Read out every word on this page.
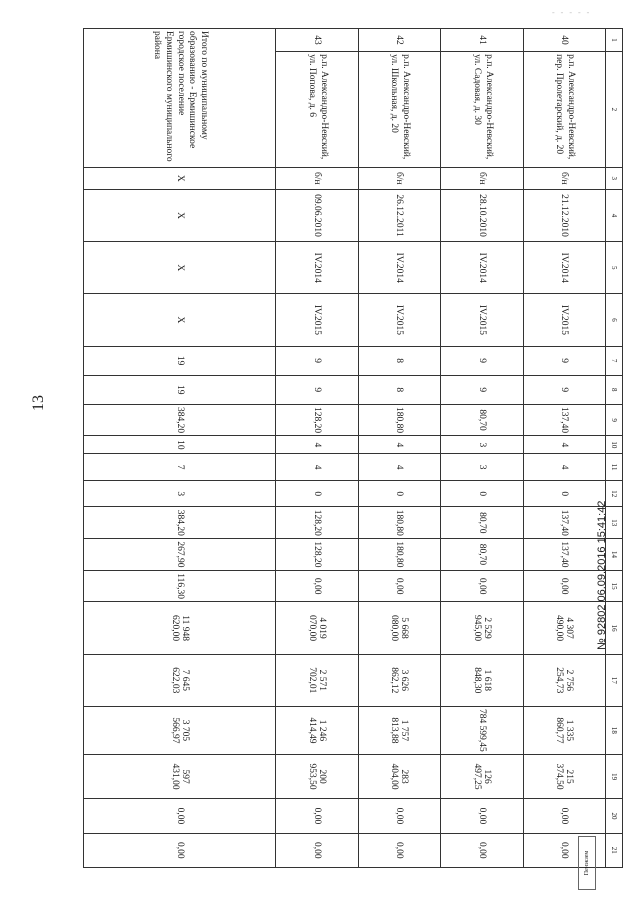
13
- - - - -
1	2	3	4	5	6	7	8	9	10	11	12	13	14	15	16	17	18	19	20	21
40	р.п. Александро-Невский, пер. Пролетарский, д. 20	б/н	21.12.2010	IV.2014	IV.2015	9	9	137,40	4	4	0	137,40	137,40	0,00	4 307 490,00	2 756 254,73	1 335 860,77	215 374,50	0,00	0,00
41	р.п. Александро-Невский, ул. Садовая, д. 30	б/н	28.10.2010	IV.2014	IV.2015	9	9	80,70	3	3	0	80,70	80,70	0,00	2 529 945,00	1 618 848,30	784 599,45	126 497,25	0,00	0,00
42	р.п. Александро-Невский, ул. Школьная, д. 20	б/н	26.12.2011	IV.2014	IV.2015	8	8	180,80	4	4	0	180,80	180,80	0,00	5 668 080,00	3 626 862,12	1 757 813,88	283 404,00	0,00	0,00
43	р.п. Александро-Невский, ул. Попова, д. 6	б/н	09.06.2010	IV.2014	IV.2015	9	9	128,20	4	4	0	128,20	128,20	0,00	4 019 070,00	2 571 702,01	1 246 414,49	200 953,50	0,00	0,00
Итого по муниципальному образованию - Ермишинское городское поселение Ермишинского муниципального района		X	X	X	X	19	19	384,20	10	7	3	384,20	267,90	116,30	11 948 620,00	7 645 622,03	3 705 566,97	597 431,00	0,00	0,00
№ 92802 06.09.2016 15:41:42
Пенэкзем
